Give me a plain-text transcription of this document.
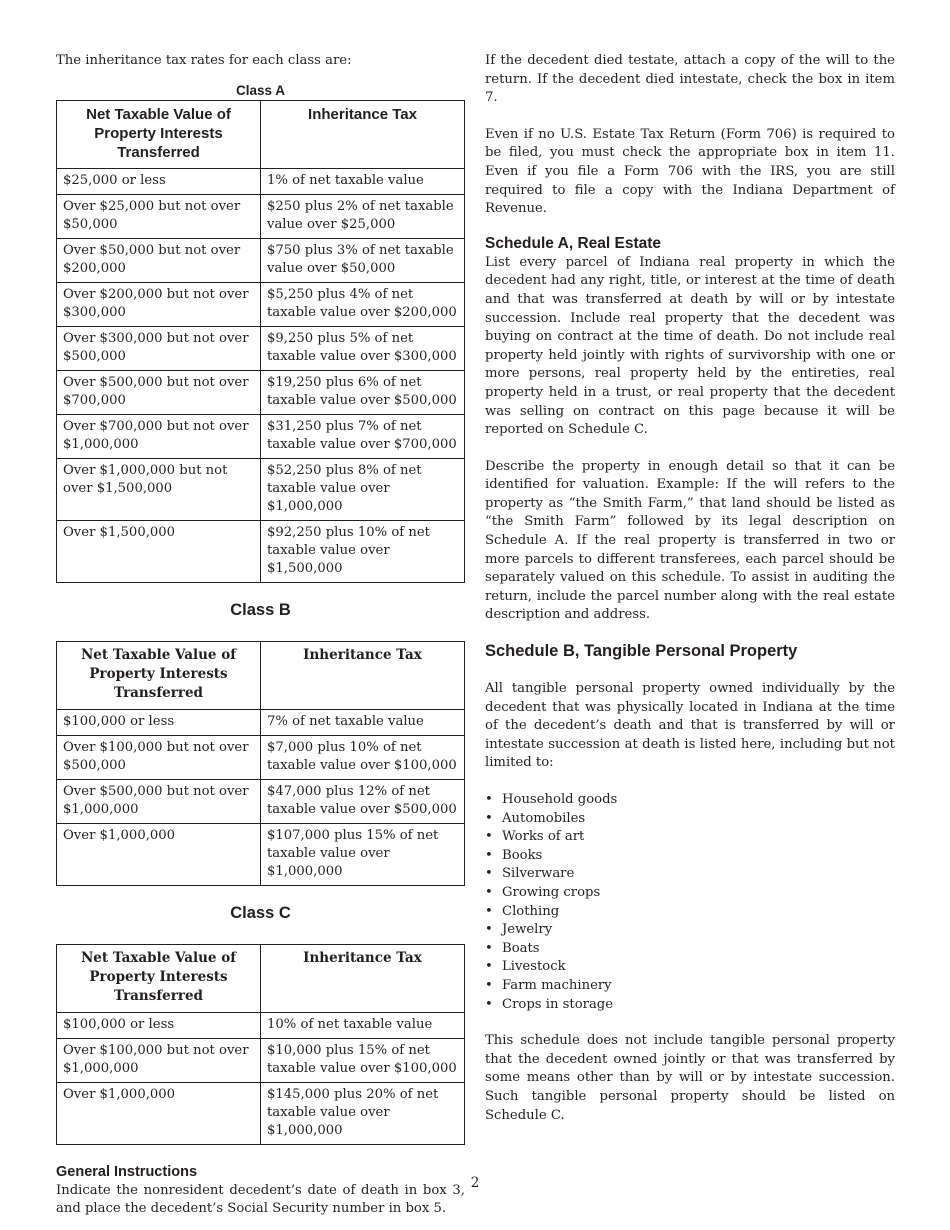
The inheritance tax rates for each class are:

Class A
Net Taxable Value of Property Interests Transferred	Inheritance Tax
$25,000 or less	1% of net taxable value
Over $25,000 but not over $50,000	$250 plus 2% of net taxable value over $25,000
Over $50,000 but not over $200,000	$750 plus 3% of net taxable value over $50,000
Over $200,000 but not over $300,000	$5,250 plus 4% of net taxable value over $200,000
Over $300,000 but not over $500,000	$9,250 plus 5% of net taxable value over $300,000
Over $500,000 but not over $700,000	$19,250 plus 6% of net taxable value over $500,000
Over $700,000 but not over $1,000,000	$31,250 plus 7% of net taxable value over $700,000
Over $1,000,000 but not over $1,500,000	$52,250 plus 8% of net taxable value over $1,000,000
Over $1,500,000	$92,250 plus 10% of net taxable value over $1,500,000
Class B
Net Taxable Value of Property Interests Transferred	Inheritance Tax
$100,000 or less	7% of net taxable value
Over $100,000 but not over $500,000	$7,000 plus 10% of net taxable value over $100,000
Over $500,000 but not over $1,000,000	$47,000 plus 12% of net taxable value over $500,000
Over $1,000,000	$107,000 plus 15% of net taxable value over $1,000,000
Class C
Net Taxable Value of Property Interests Transferred	Inheritance Tax
$100,000 or less	10% of net taxable value
Over $100,000 but not over $1,000,000	$10,000 plus 15% of net taxable value over $100,000
Over $1,000,000	$145,000 plus 20% of net taxable value over $1,000,000
General Instructions

Indicate the nonresident decedent’s date of death in box 3, and place the decedent’s Social Security number in box 5.

If the decedent died testate, attach a copy of the will to the return. If the decedent died intestate, check the box in item 7.

Even if no U.S. Estate Tax Return (Form 706) is required to be filed, you must check the appropriate box in item 11. Even if you file a Form 706 with the IRS, you are still required to file a copy with the Indiana Department of Revenue.

Schedule A, Real Estate

List every parcel of Indiana real property in which the decedent had any right, title, or interest at the time of death and that was transferred at death by will or by intestate succession. Include real property that the decedent was buying on contract at the time of death. Do not include real property held jointly with rights of survivorship with one or more persons, real property held by the entireties, real property held in a trust, or real property that the decedent was selling on contract on this page because it will be reported on Schedule C.

Describe the property in enough detail so that it can be identified for valuation. Example: If the will refers to the property as “the Smith Farm,” that land should be listed as “the Smith Farm” followed by its legal description on Schedule A. If the real property is transferred in two or more parcels to different transferees, each parcel should be separately valued on this schedule. To assist in auditing the return, include the parcel number along with the real estate description and address.

Schedule B, Tangible Personal Property

All tangible personal property owned individually by the decedent that was physically located in Indiana at the time of the decedent’s death and that is transferred by will or intestate succession at death is listed here, including but not limited to:

• Household goods
• Automobiles
• Works of art
• Books
• Silverware
• Growing crops
• Clothing
• Jewelry
• Boats
• Livestock
• Farm machinery
• Crops in storage

This schedule does not include tangible personal property that the decedent owned jointly or that was transferred by some means other than by will or by intestate succession. Such tangible personal property should be listed on Schedule C.

2
